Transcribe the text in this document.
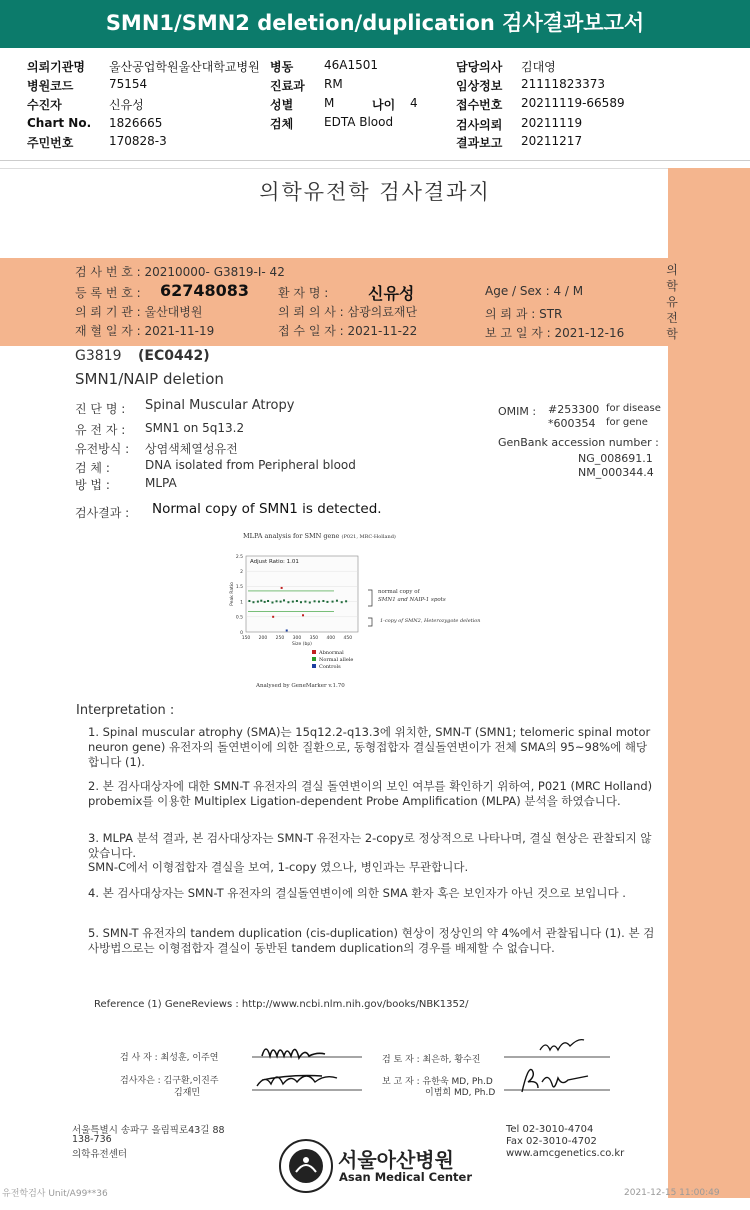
SMN1/SMN2 deletion/duplication 검사결과보고서
의뢰기관명 울산공업학원울산대학교병원
병원코드	75154
수진자	신유성
Chart No. 1826665
주민번호	170828-3
병동	46A1501
진료과 RM
성별	M
검체	EDTA Blood
나이 4
담당의사 김대영
임상정보 21111823373
접수번호 20211119-66589
검사의뢰 20211119
결과보고 20211217
의
학
유
전
학
의학유전학 검사결과지
검 사 번 호 : 20210000- G3819-I- 42
등 록 번 호 : 62748083 환 자 명 : 신유성	Age / Sex : 4 / M
의 뢰 기 관 : 울산대병원	의 뢰 의 사 : 삼광의료재단	의 뢰 과 : STR
재 혈 일 자 : 2021-11-19	접 수 일 자 : 2021-11-22	보 고 일 자 : 2021-12-16
G3819 (EC0442)
SMN1/NAIP deletion
진 단 명 : Spinal Muscular Atropy
유 전 자 : SMN1 on 5q13.2
유전방식 : 상염색체열성유전
검 체 :	DNA isolated from Peripheral blood
방 법 :	MLPA
OMIM : #253300 for disease
*600354 for gene
GenBank accession number :
NG_008691.1
NM_000344.4
검사결과 : Normal copy of SMN1 is detected.
MLPA analysis for SMN gene (P021, MRC-Holland)
Adjust Ratio: 1.01
2.5
2
1.5
1
0.5
0
150 200 250 300 350 400 450
Peak Ratio
Size (bp)
normal copy of
SMN1 and NAIP-1 spots
1-copy of SMN2, Heterozygote deletion
Abnormal
Normal allele
Controls
Analysed by GeneMarker v.1.70
Interpretation :
1. Spinal muscular atrophy (SMA)는 15q12.2-q13.3에 위치한, SMN-T (SMN1; telomeric spinal motor neuron gene) 유전자의 돌연변이에 의한 질환으로, 동형접합자 결실돌연변이가 전체 SMA의 95~98%에 해당합니다 (1).
2. 본 검사대상자에 대한 SMN-T 유전자의 결실 돌연변이의 보인 여부를 확인하기 위하여, P021 (MRC Holland) probemix를 이용한 Multiplex Ligation-dependent Probe Amplification (MLPA) 분석을 하였습니다.
3. MLPA 분석 결과, 본 검사대상자는 SMN-T 유전자는 2-copy로 정상적으로 나타나며, 결실 현상은 관찰되지 않았습니다.
SMN-C에서 이형접합자 결실을 보여, 1-copy 였으나, 병인과는 무관합니다.
4. 본 검사대상자는 SMN-T 유전자의 결실돌연변이에 의한 SMA 환자 혹은 보인자가 아닌 것으로 보입니다 .
5. SMN-T 유전자의 tandem duplication (cis-duplication) 현상이 정상인의 약 4%에서 관찰됩니다 (1). 본 검사방법으로는 이형접합자 결실이 동반된 tandem duplication의 경우를 배제할 수 없습니다.
Reference (1) GeneReviews : http://www.ncbi.nlm.nih.gov/books/NBK1352/
검 사 자 : 최성훈, 이주연
검사자은 : 김구환,이진주
김재민
검 토 자 : 최은하, 황수진
보 고 자 : 유한욱 MD, Ph.D
이범희 MD, Ph.D
서울특별시 송파구 올림픽로43길 88
138-736
의학유전센터	서울아산병원
Asan Medical Center
Tel 02-3010-4704
Fax 02-3010-4702
www.amcgenetics.co.kr
유전학검사 Unit/A99**36	2021-12-15 11:00:49
